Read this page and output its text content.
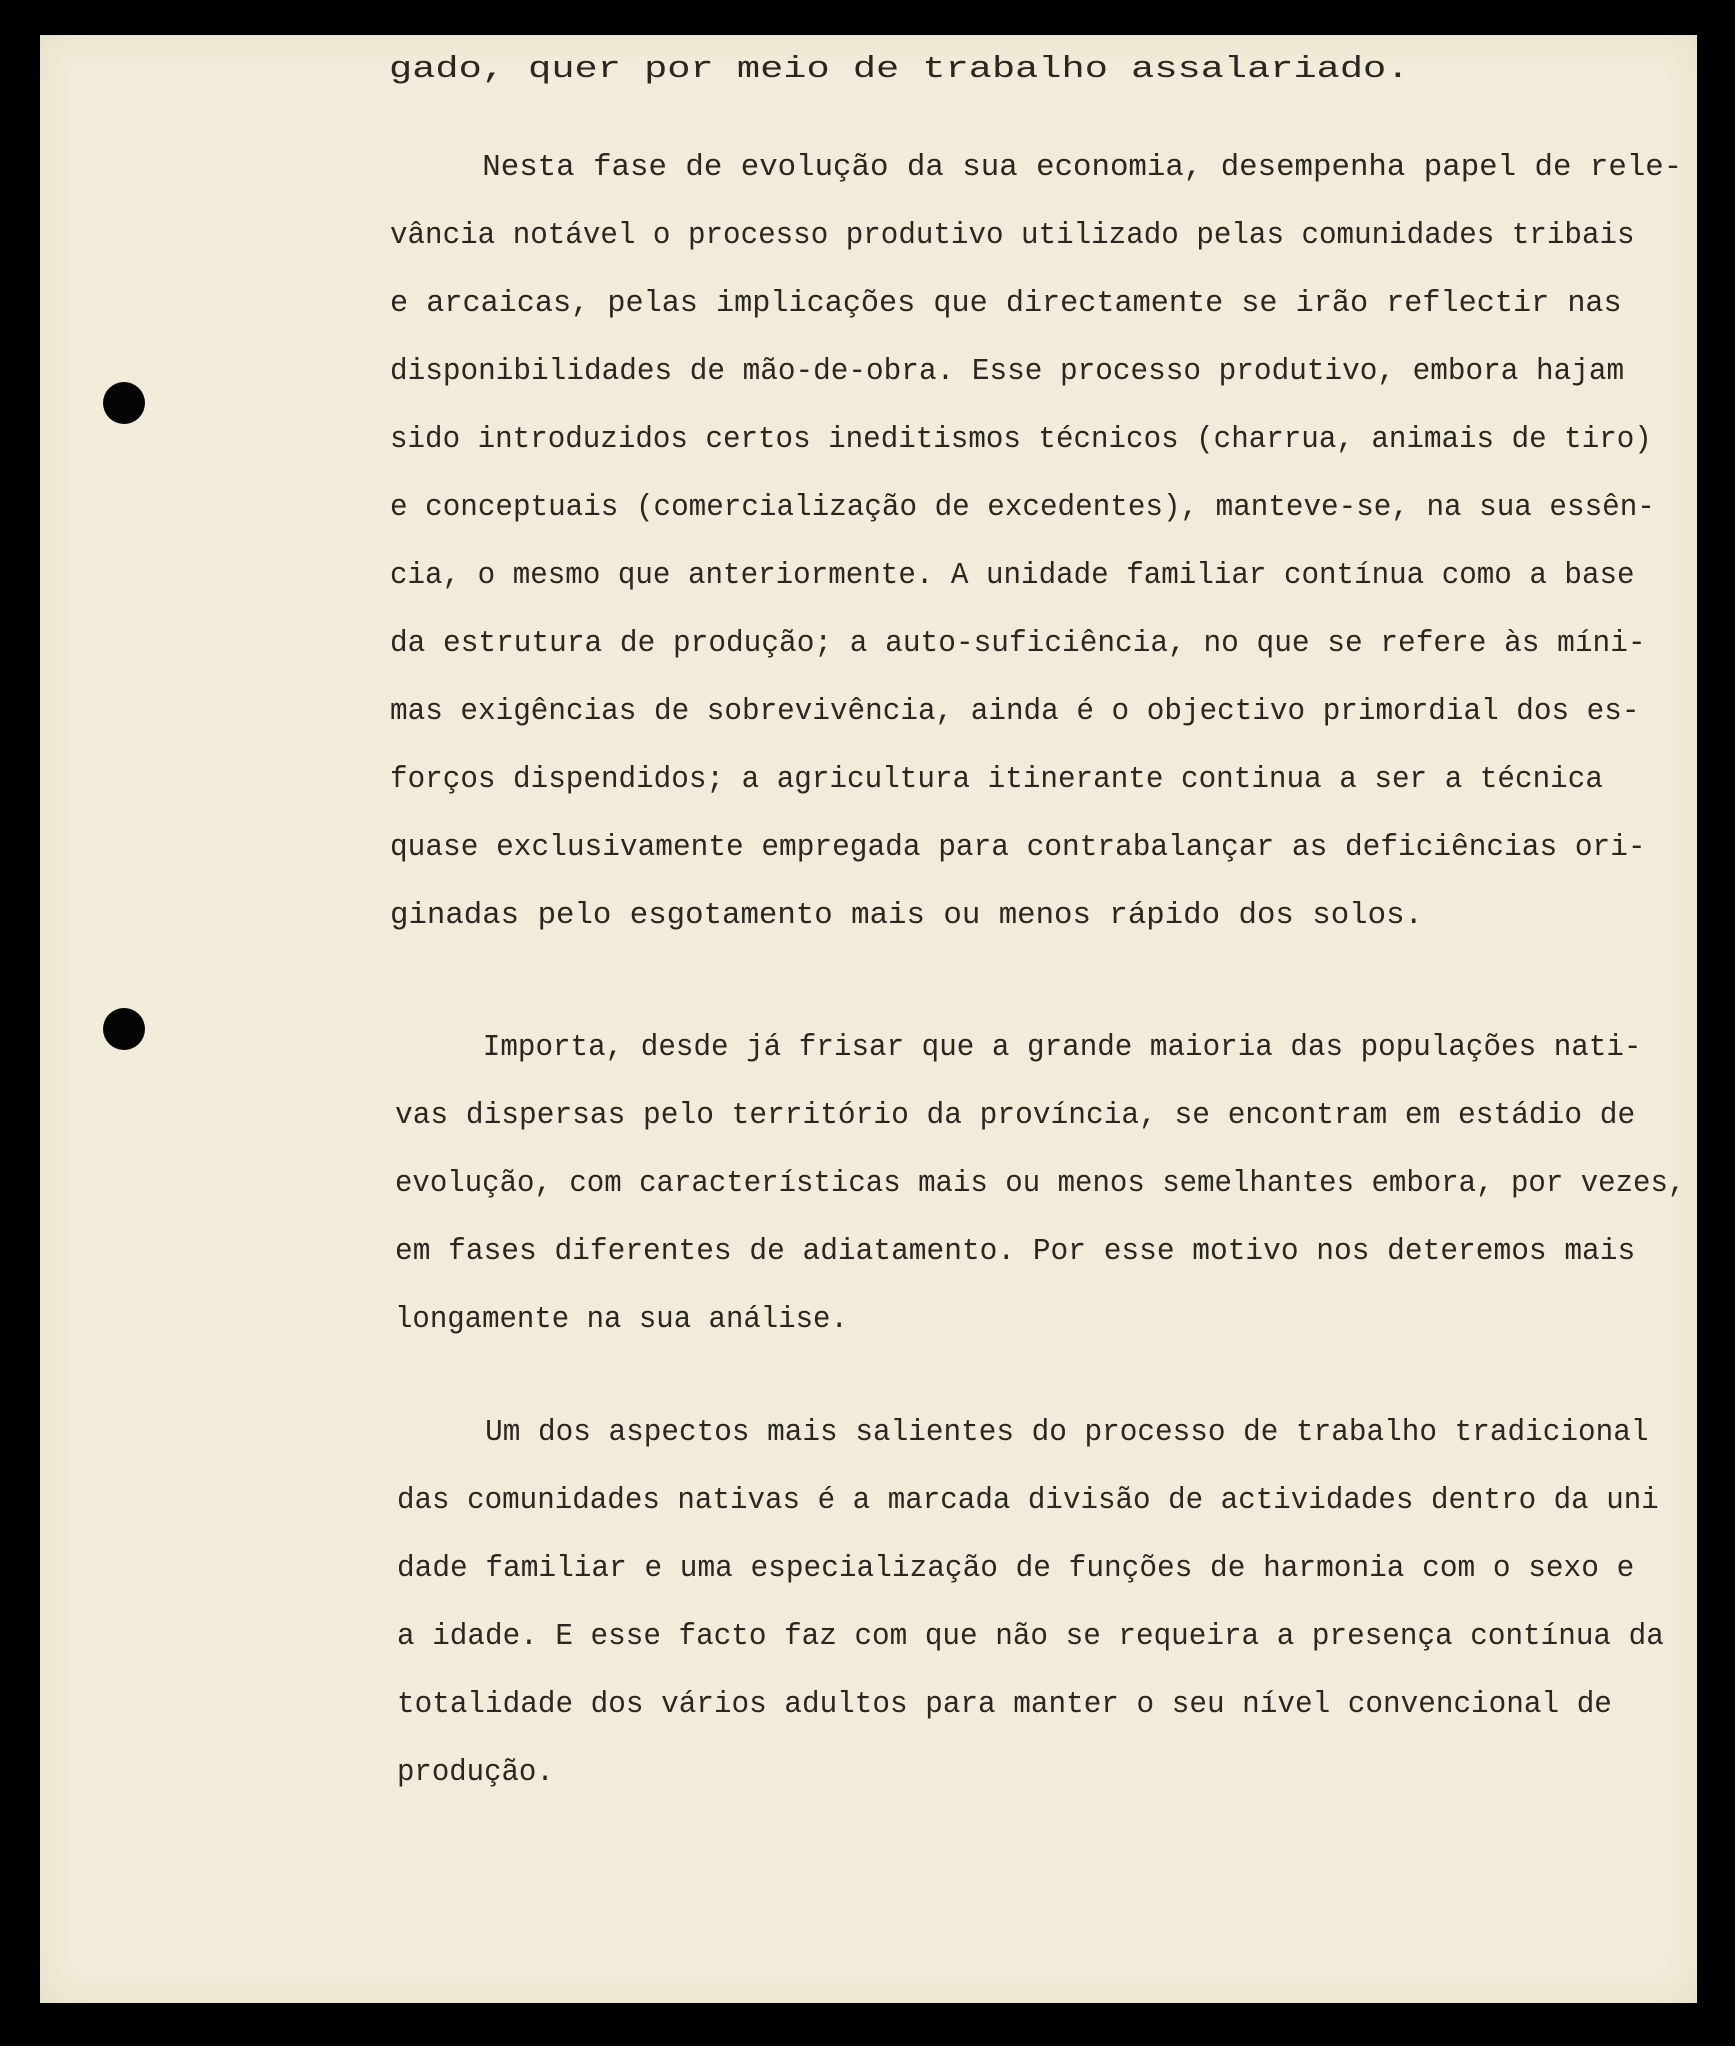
gado, quer por meio de trabalho assalariado.
Nesta fase de evolução da sua economia, desempenha papel de rele-
vância notável o processo produtivo utilizado pelas comunidades tribais
e arcaicas, pelas implicações que directamente se irão reflectir nas
disponibilidades de mão-de-obra. Esse processo produtivo, embora hajam
sido introduzidos certos ineditismos técnicos (charrua, animais de tiro)
e conceptuais (comercialização de excedentes), manteve-se, na sua essên-
cia, o mesmo que anteriormente. A unidade familiar contínua como a base
da estrutura de produção; a auto-suficiência, no que se refere às míni-
mas exigências de sobrevivência, ainda é o objectivo primordial dos es-
forços dispendidos; a agricultura itinerante continua a ser a técnica
quase exclusivamente empregada para contrabalançar as deficiências ori-
ginadas pelo esgotamento mais ou menos rápido dos solos.
Importa, desde já frisar que a grande maioria das populações nati-
vas dispersas pelo território da província, se encontram em estádio de
evolução, com características mais ou menos semelhantes embora, por vezes,
em fases diferentes de adiatamento. Por esse motivo nos deteremos mais
longamente na sua análise.
Um dos aspectos mais salientes do processo de trabalho tradicional
das comunidades nativas é a marcada divisão de actividades dentro da uni
dade familiar e uma especialização de funções de harmonia com o sexo e
a idade. E esse facto faz com que não se requeira a presença contínua da
totalidade dos vários adultos para manter o seu nível convencional de
produção.
